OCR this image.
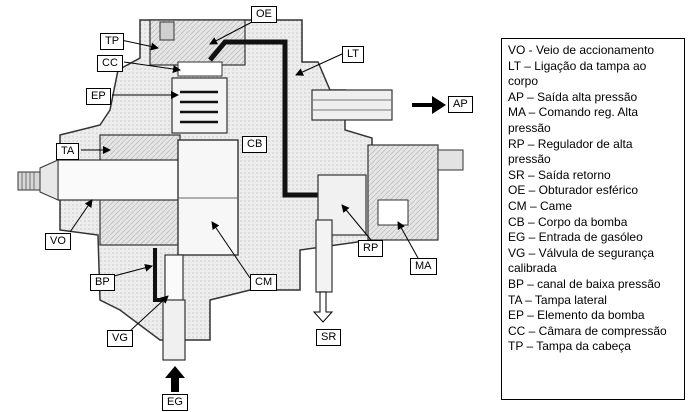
OE
TP
CC
EP
LT
AP
TA
CB
VO
RP
MA
BP	CM
VG	SR
EG
VO - Veio de accionamento
LT – Ligação da tampa ao corpo
AP – Saída alta pressão
MA – Comando reg. Alta pressão
RP – Regulador de alta pressão
SR – Saída retorno
OE – Obturador esférico
CM – Came
CB – Corpo da bomba
EG – Entrada de gasóleo
VG – Válvula de segurança calibrada
BP – canal de baixa pressão
TA – Tampa lateral
EP – Elemento da bomba
CC – Câmara de compressão
TP – Tampa da cabeça
